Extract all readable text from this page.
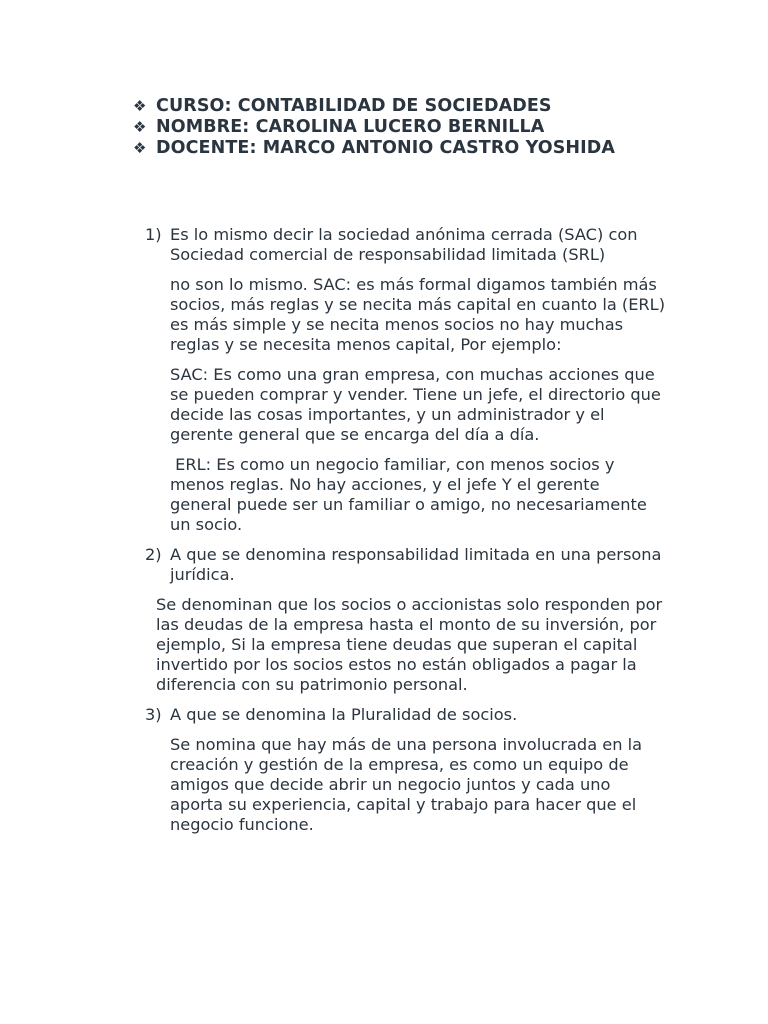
❖ CURSO: CONTABILIDAD DE SOCIEDADES
❖ NOMBRE: CAROLINA LUCERO BERNILLA
❖ DOCENTE: MARCO ANTONIO CASTRO YOSHIDA
1) Es lo mismo decir la sociedad anónima cerrada (SAC) con Sociedad comercial de responsabilidad limitada (SRL)

no son lo mismo. SAC: es más formal digamos también más socios, más reglas y se necita más capital en cuanto la (ERL) es más simple y se necita menos socios no hay muchas reglas y se necesita menos capital, Por ejemplo:

SAC: Es como una gran empresa, con muchas acciones que se pueden comprar y vender. Tiene un jefe, el directorio que decide las cosas importantes, y un administrador y el gerente general que se encarga del día a día.

ERL: Es como un negocio familiar, con menos socios y menos reglas. No hay acciones, y el jefe Y el gerente general puede ser un familiar o amigo, no necesariamente un socio.

2) A que se denomina responsabilidad limitada en una persona jurídica.

Se denominan que los socios o accionistas solo responden por las deudas de la empresa hasta el monto de su inversión, por ejemplo, Si la empresa tiene deudas que superan el capital invertido por los socios estos no están obligados a pagar la diferencia con su patrimonio personal.

3) A que se denomina la Pluralidad de socios.

Se nomina que hay más de una persona involucrada en la creación y gestión de la empresa, es como un equipo de amigos que decide abrir un negocio juntos y cada uno aporta su experiencia, capital y trabajo para hacer que el negocio funcione.
